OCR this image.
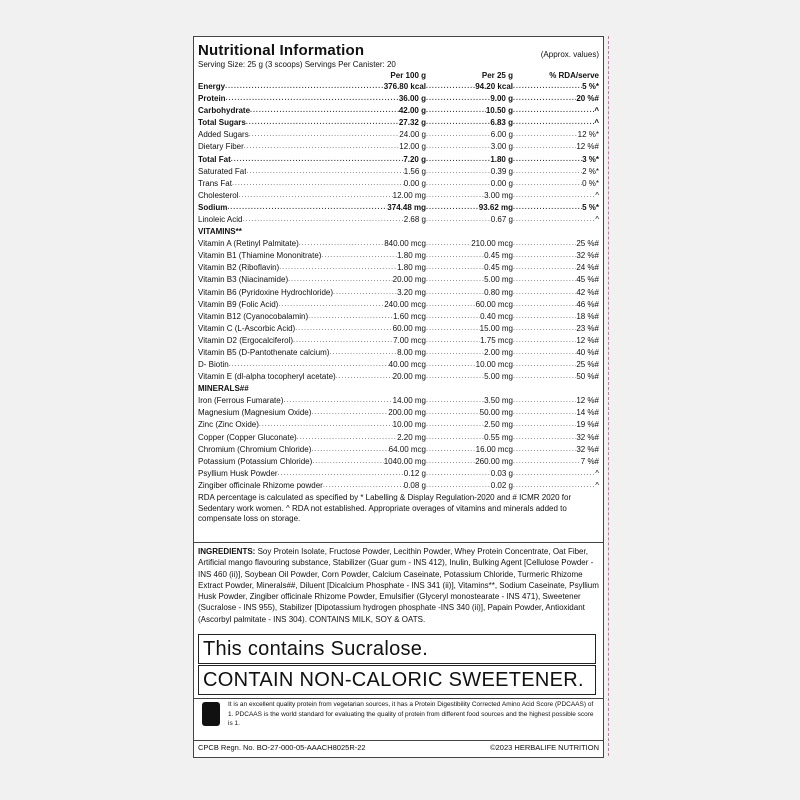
Nutritional Information	(Approx. values)
Serving Size: 25 g (3 scoops) Servings Per Canister: 20
Per 100 g	Per 25 g	% RDA/serve
Energy .....	376.80 kcal .....	94.20 kcal .....	5 %*
Protein .....	36.00 g .....	9.00 g .....	20 %#
Carbohydrate .....	42.00 g .....	10.50 g .....	^
Total Sugars .....	27.32 g .....	6.83 g .....	^
Added Sugars .....	24.00 g .....	6.00 g .....	12 %*
Dietary Fiber .....	12.00 g .....	3.00 g .....	12 %#
Total Fat .....	7.20 g .....	1.80 g .....	3 %*
Saturated Fat .....	1.56 g .....	0.39 g .....	2 %*
Trans Fat .....	0.00 g .....	0.00 g .....	0 %*
Cholesterol .....	12.00 mg .....	3.00 mg .....	^
Sodium .....	374.48 mg .....	93.62 mg .....	5 %*
Linoleic Acid .....	2.68 g .....	0.67 g .....	^
VITAMINS**
Vitamin A (Retinyl Palmitate) .....	840.00 mcg .....	210.00 mcg .....	25 %#
Vitamin B1 (Thiamine Mononitrate) .....	1.80 mg .....	0.45 mg .....	32 %#
Vitamin B2 (Riboflavin) .....	1.80 mg .....	0.45 mg .....	24 %#
Vitamin B3 (Niacinamide) .....	20.00 mg .....	5.00 mg .....	45 %#
Vitamin B6 (Pyridoxine Hydrochloride) .....	3.20 mg .....	0.80 mg .....	42 %#
Vitamin B9 (Folic Acid) .....	240.00 mcg .....	60.00 mcg .....	46 %#
Vitamin B12 (Cyanocobalamin) .....	1.60 mcg .....	0.40 mcg .....	18 %#
Vitamin C (L-Ascorbic Acid) .....	60.00 mg .....	15.00 mg .....	23 %#
Vitamin D2 (Ergocalciferol) .....	7.00 mcg .....	1.75 mcg .....	12 %#
Vitamin B5 (D-Pantothenate calcium) .....	8.00 mg .....	2.00 mg .....	40 %#
D- Biotin .....	40.00 mcg .....	10.00 mcg .....	25 %#
Vitamin E (dl-alpha tocopheryl acetate) .....	20.00 mg .....	5.00 mg .....	50 %#
MINERALS##
Iron (Ferrous Fumarate) .....	14.00 mg .....	3.50 mg .....	12 %#
Magnesium (Magnesium Oxide) .....	200.00 mg .....	50.00 mg .....	14 %#
Zinc (Zinc Oxide) .....	10.00 mg .....	2.50 mg .....	19 %#
Copper (Copper Gluconate) .....	2.20 mg .....	0.55 mg .....	32 %#
Chromium (Chromium Chloride) .....	64.00 mcg .....	16.00 mcg .....	32 %#
Potassium (Potassium Chloride) .....	1040.00 mg .....	260.00 mg .....	7 %#
Psyllium Husk Powder .....	0.12 g .....	0.03 g .....	^
Zingiber officinale Rhizome powder .....	0.08 g .....	0.02 g .....	^
RDA percentage is calculated as specified by * Labelling & Display Regulation-2020 and # ICMR 2020 for Sedentary work women. ^ RDA not established. Appropriate overages of vitamins and minerals added to compensate loss on storage.
INGREDIENTS: Soy Protein Isolate, Fructose Powder, Lecithin Powder, Whey Protein Concentrate, Oat Fiber, Artificial mango flavouring substance, Stabilizer (Guar gum - INS 412), Inulin, Bulking Agent [Cellulose Powder - INS 460 (ii)], Soybean Oil Powder, Corn Powder, Calcium Caseinate, Potassium Chloride, Turmeric Rhizome Extract Powder, Minerals##, Diluent [Dicalcium Phosphate - INS 341 (ii)], Vitamins**, Sodium Caseinate, Psyllium Husk Powder, Zingiber officinale Rhizome Powder, Emulsifier (Glyceryl monostearate - INS 471), Sweetener (Sucralose - INS 955), Stabilizer [Dipotassium hydrogen phosphate -INS 340 (ii)], Papain Powder, Antioxidant (Ascorbyl palmitate - INS 304). CONTAINS MILK, SOY & OATS.
This contains Sucralose.
CONTAIN NON-CALORIC SWEETENER.
It is an excellent quality protein from vegetarian sources, it has a Protein Digestibility Corrected Amino Acid Score (PDCAAS) of 1. PDCAAS is the world standard for evaluating the quality of protein from different food sources and the highest possible score is 1.
CPCB Regn. No. BO-27-000-05-AAACH8025R-22	©2023 HERBALIFE NUTRITION
